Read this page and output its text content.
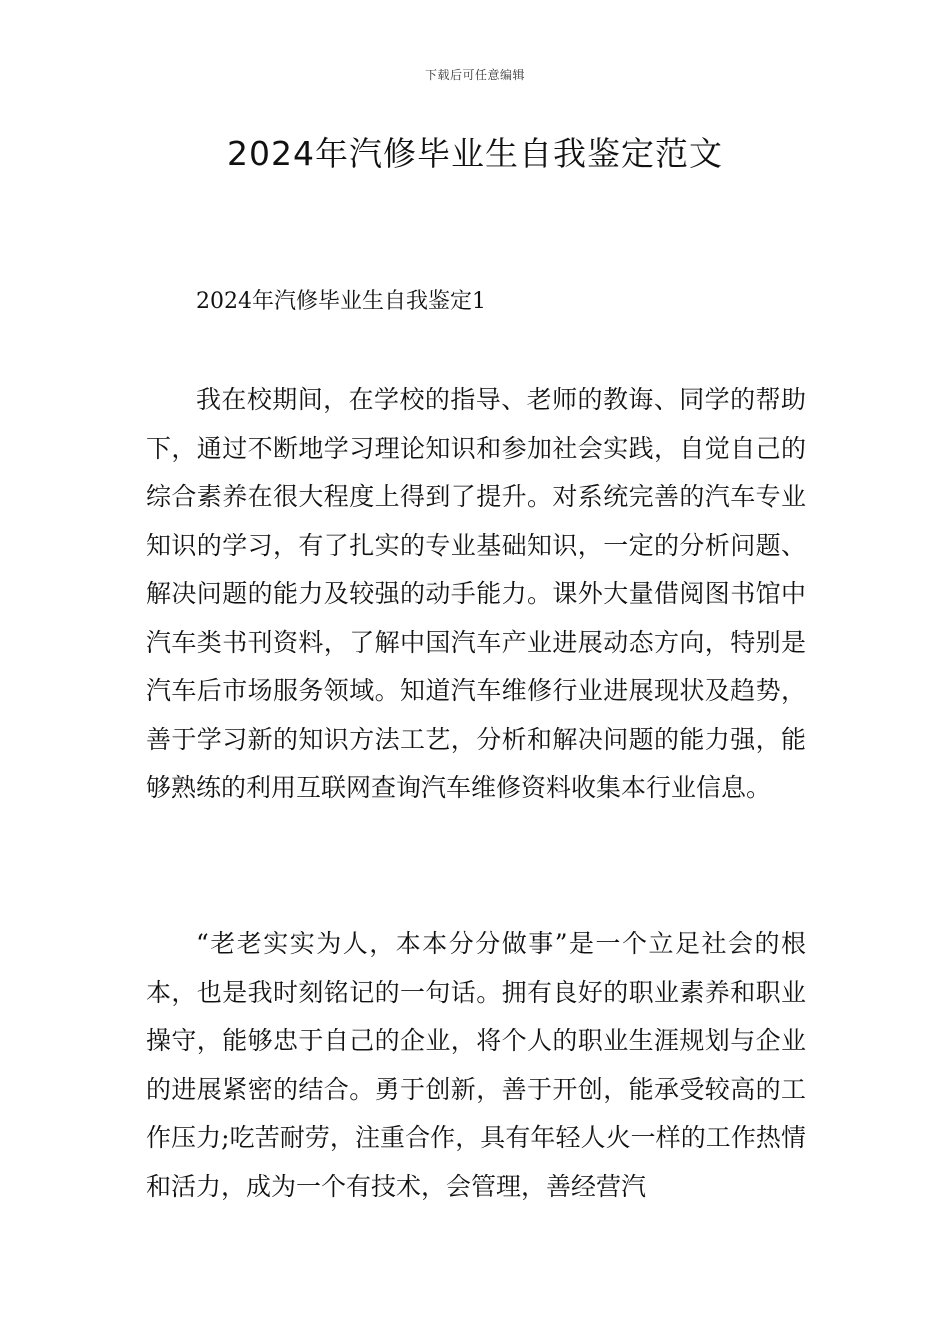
下载后可任意编辑
2024年汽修毕业生自我鉴定范文
2024年汽修毕业生自我鉴定1

我在校期间，在学校的指导、老师的教诲、同学的帮助下，通过不断地学习理论知识和参加社会实践，自觉自己的综合素养在很大程度上得到了提升。对系统完善的汽车专业知识的学习，有了扎实的专业基础知识，一定的分析问题、解决问题的能力及较强的动手能力。课外大量借阅图书馆中汽车类书刊资料，了解中国汽车产业进展动态方向，特别是汽车后市场服务领域。知道汽车维修行业进展现状及趋势，善于学习新的知识方法工艺，分析和解决问题的能力强，能够熟练的利用互联网查询汽车维修资料收集本行业信息。

“老老实实为人，本本分分做事”是一个立足社会的根本，也是我时刻铭记的一句话。拥有良好的职业素养和职业操守，能够忠于自己的企业，将个人的职业生涯规划与企业的进展紧密的结合。勇于创新，善于开创，能承受较高的工作压力;吃苦耐劳，注重合作，具有年轻人火一样的工作热情和活力，成为一个有技术，会管理，善经营汽
